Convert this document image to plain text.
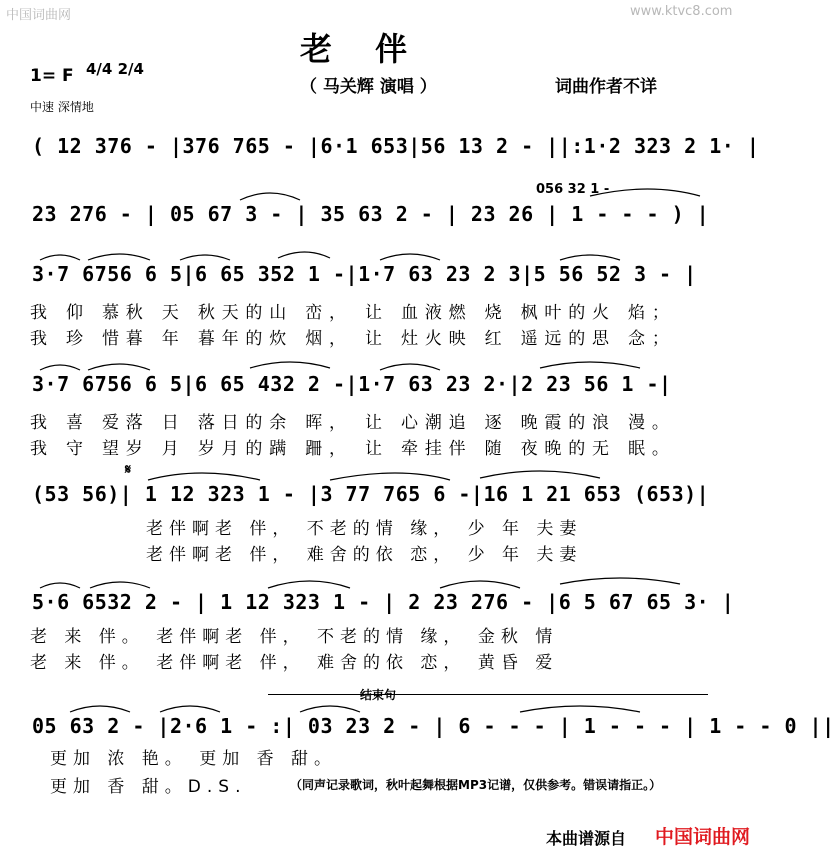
中国词曲网	www.ktvc8.com
老 伴
1= F 4/4 2/4
（ 马关辉 演唱 ）	词曲作者不详
中速 深情地
( 12 376 - |376 765 - |6·1 653|56 13 2 - ||:1·2 323 2 1· |
056 32 1 -
23 276 - | 05 67 3 - | 35 63 2 - | 23 26 | 1 - - - ) |
3·7 6756 6 5|6 65 352 1 -|1·7 63 23 2 3|5 56 52 3 - |
我 仰 慕秋 天 秋天的山 峦， 让 血液燃 烧 枫叶的火 焰；
我 珍 惜暮 年 暮年的炊 烟， 让 灶火映 红 遥远的思 念；
3·7 6756 6 5|6 65 432 2 -|1·7 63 23 2·|2 23 56 1 -|
我 喜 爱落 日 落日的余 晖， 让 心潮追 逐 晚霞的浪 漫。
我 守 望岁 月 岁月的蹒 跚， 让 牵挂伴 随 夜晚的无 眠。
𝄋
(53 56)| 1 12 323 1 - |3 77 765 6 -|16 1 21 653 (653)|
老伴啊老 伴， 不老的情 缘， 少 年 夫妻
老伴啊老 伴， 难舍的依 恋， 少 年 夫妻
5·6 6532 2 - | 1 12 323 1 - | 2 23 276 - |6 5 67 65 3· |
老 来 伴。 老伴啊老 伴， 不老的情 缘， 金秋 情
老 来 伴。 老伴啊老 伴， 难舍的依 恋， 黄昏 爱
结束句
05 63 2 - |2·6 1 - :| 03 23 2 - | 6 - - - | 1 - - - | 1 - - 0 ||
更加 浓 艳。 更加 香 甜。
更加 香 甜。D.S.	（同声记录歌词，秋叶起舞根据MP3记谱，仅供参考。错误请指正。）
本曲谱源自 中国词曲网
